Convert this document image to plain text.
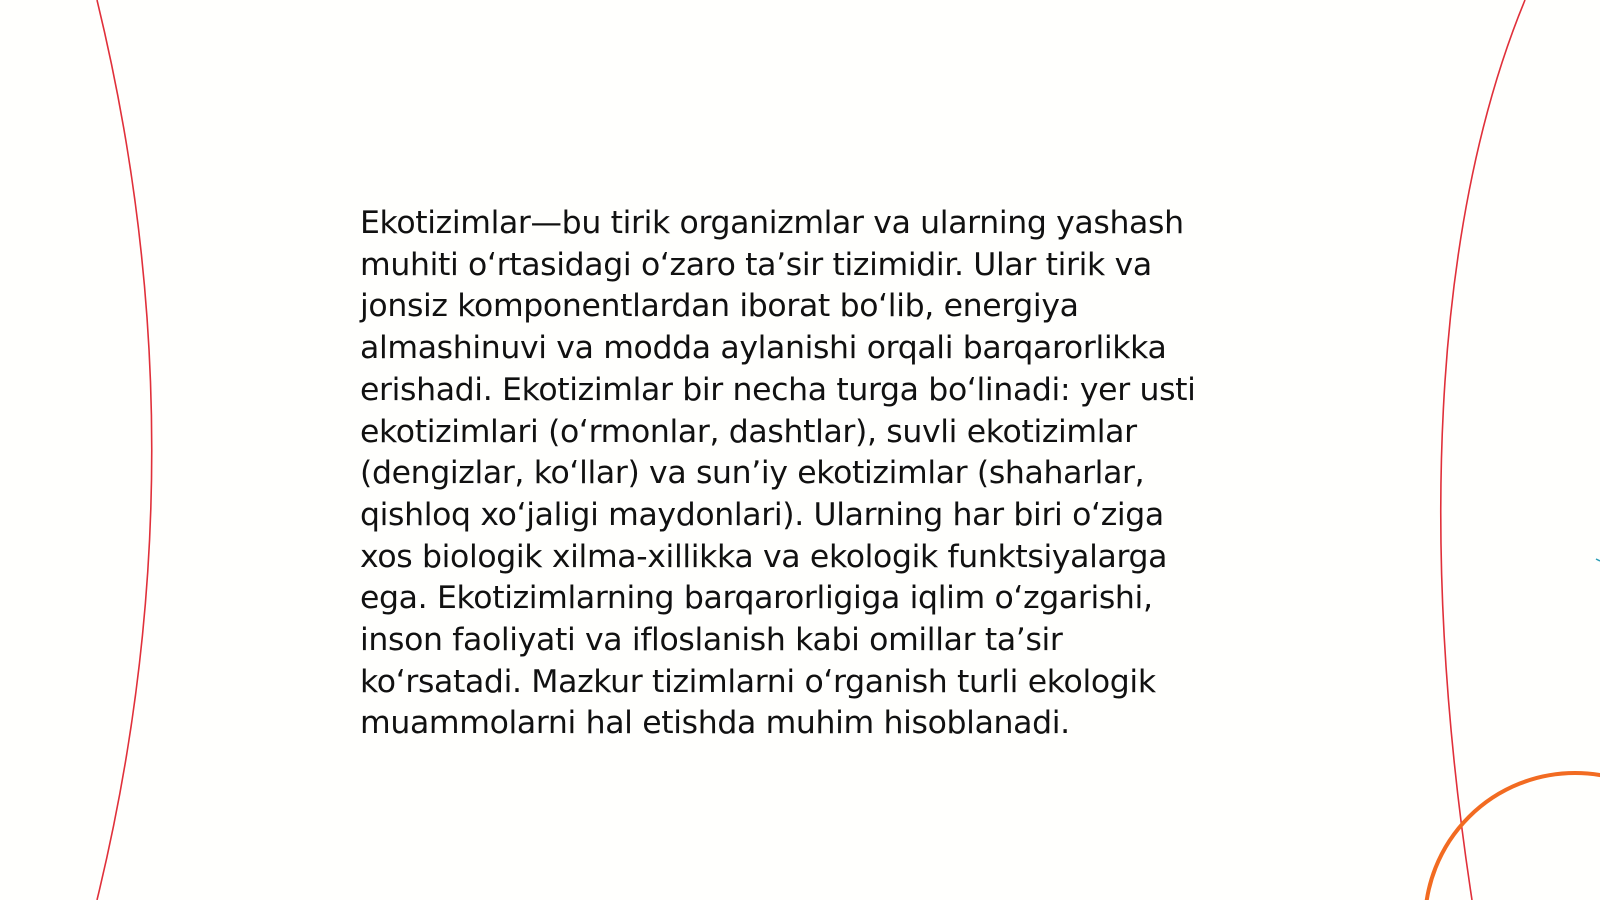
Ekotizimlar—bu tirik organizmlar va ularning yashash
muhiti oʻrtasidagi oʻzaro taʼsir tizimidir. Ular tirik va
jonsiz komponentlardan iborat boʻlib, energiya
almashinuvi va modda aylanishi orqali barqarorlikka
erishadi. Ekotizimlar bir necha turga boʻlinadi: yer usti
ekotizimlari (oʻrmonlar, dashtlar), suvli ekotizimlar
(dengizlar, koʻllar) va sunʼiy ekotizimlar (shaharlar,
qishloq xoʻjaligi maydonlari). Ularning har biri oʻziga
xos biologik xilma-xillikka va ekologik funktsiyalarga
ega. Ekotizimlarning barqarorligiga iqlim oʻzgarishi,
inson faoliyati va ifloslanish kabi omillar taʼsir
koʻrsatadi. Mazkur tizimlarni oʻrganish turli ekologik
muammolarni hal etishda muhim hisoblanadi.
